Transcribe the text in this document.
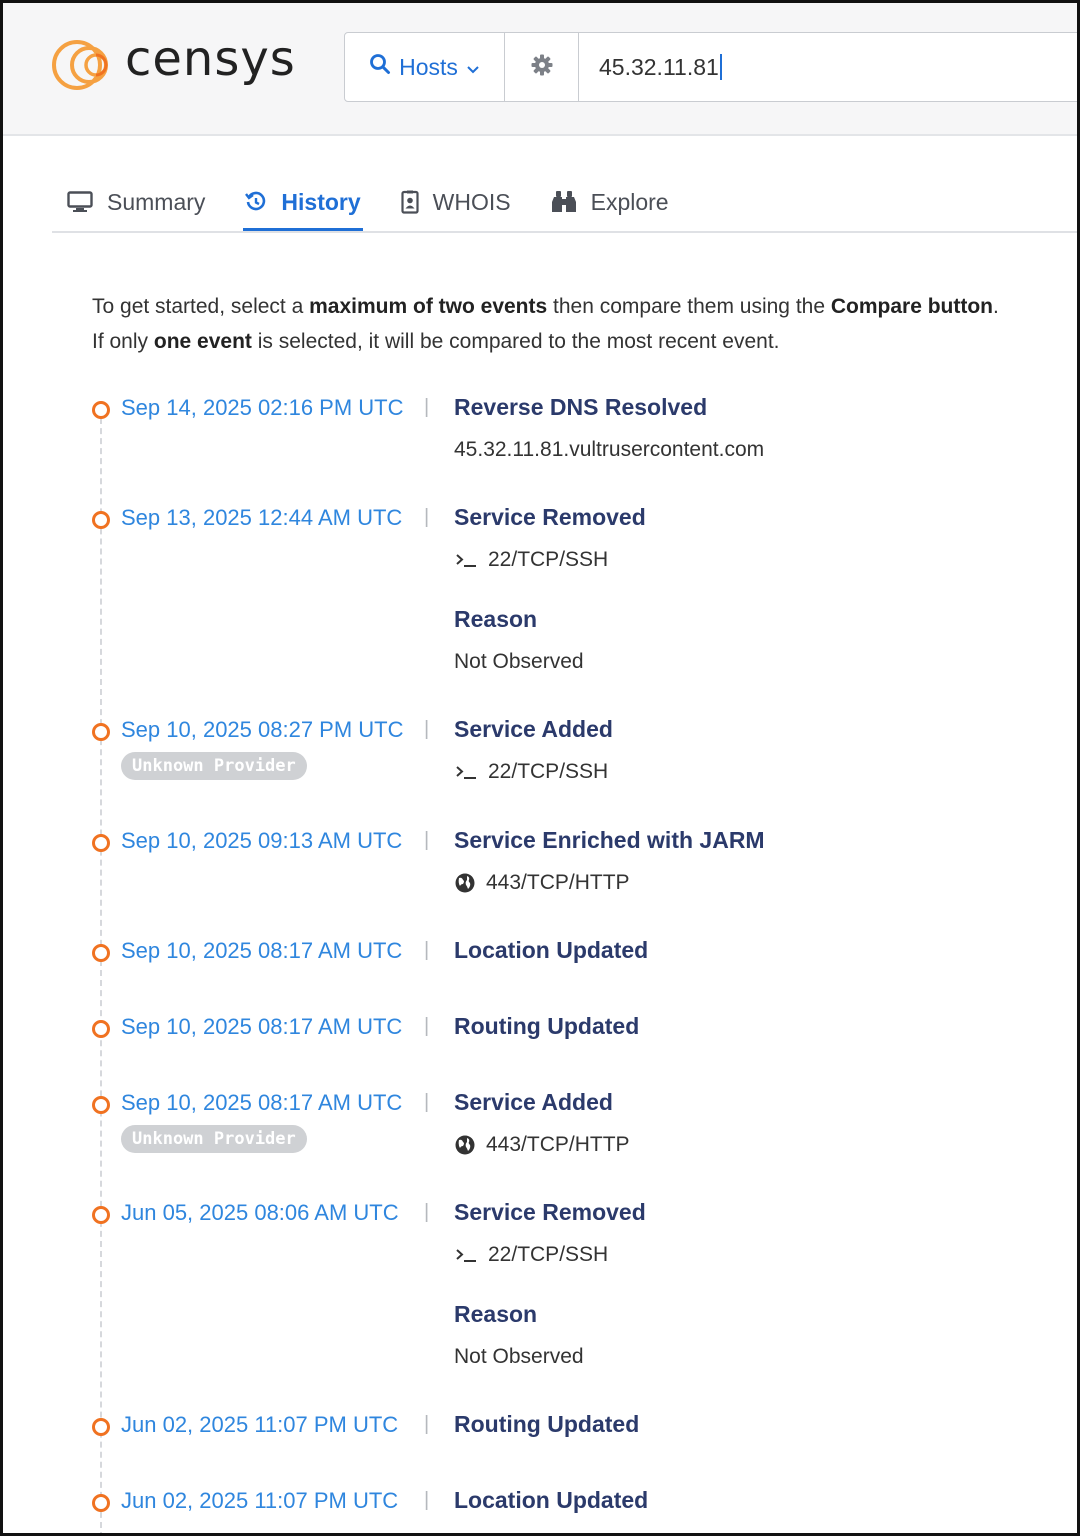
censys	Hosts	45.32.11.81
Summary	History	WHOIS	Explore
To get started, select a maximum of two events then compare them using the Compare button.
If only one event is selected, it will be compared to the most recent event.
Sep 14, 2025 02:16 PM UTC | Reverse DNS Resolved
45.32.11.81.vultrusercontent.com
Sep 13, 2025 12:44 AM UTC | Service Removed
22/TCP/SSH
Reason
Not Observed
Sep 10, 2025 08:27 PM UTC
Unknown Provider
| Service Added
22/TCP/SSH
Sep 10, 2025 09:13 AM UTC | Service Enriched with JARM
443/TCP/HTTP
Sep 10, 2025 08:17 AM UTC | Location Updated
Sep 10, 2025 08:17 AM UTC | Routing Updated
Sep 10, 2025 08:17 AM UTC
Unknown Provider
| Service Added
443/TCP/HTTP
Jun 05, 2025 08:06 AM UTC | Service Removed
22/TCP/SSH
Reason
Not Observed
Jun 02, 2025 11:07 PM UTC | Routing Updated
Jun 02, 2025 11:07 PM UTC | Location Updated
